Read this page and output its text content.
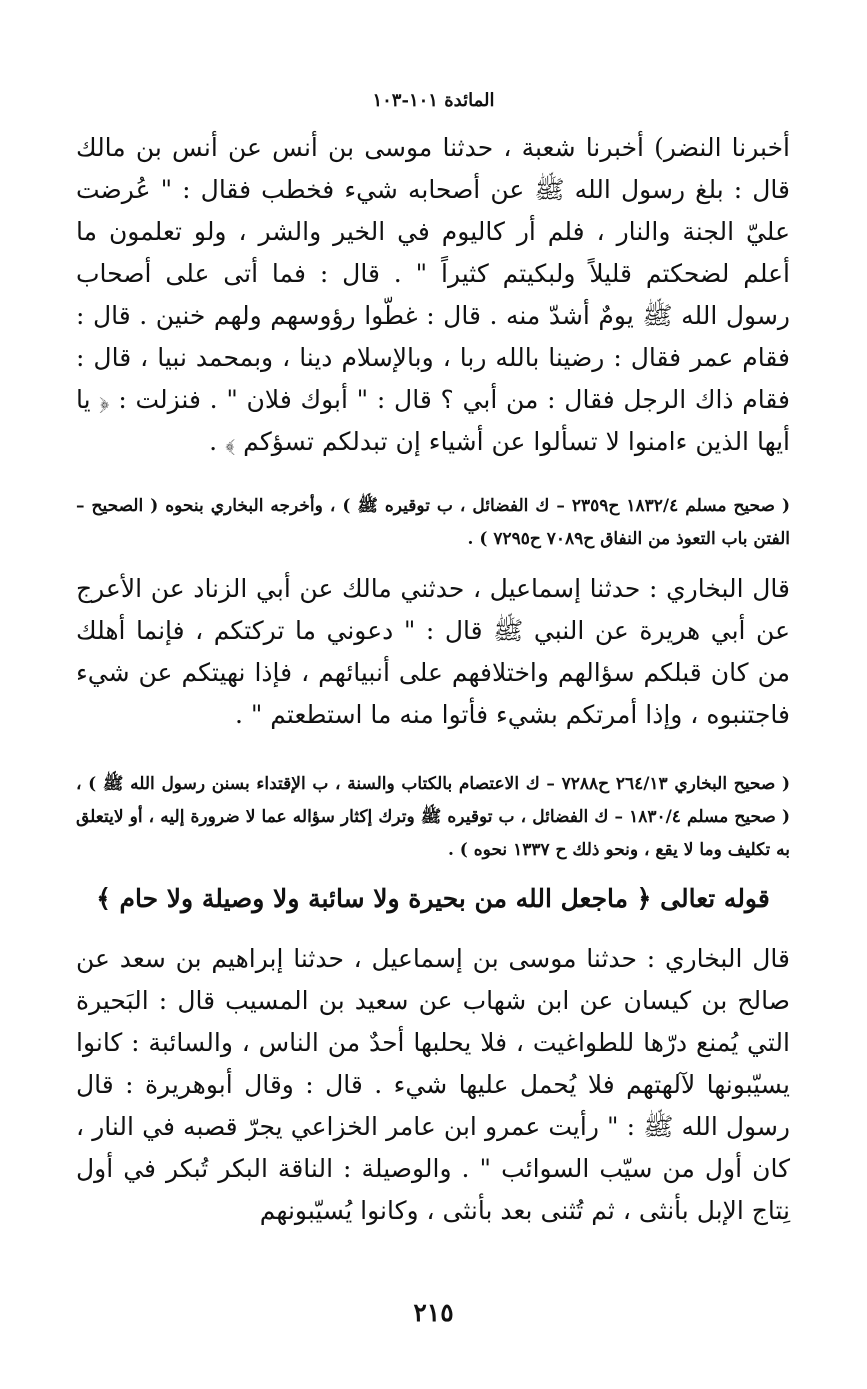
المائدة ١٠١-١٠٣
أخبرنا النضر) أخبرنا شعبة ، حدثنا موسى بن أنس عن أنس بن مالك قال : بلغ رسول الله ﷺ عن أصحابه شيء فخطب فقال : " عُرضت عليّ الجنة والنار ، فلم أر كاليوم في الخير والشر ، ولو تعلمون ما أعلم لضحكتم قليلاً ولبكيتم كثيراً " . قال : فما أتى على أصحاب رسول الله ﷺ يومٌ أشدّ منه . قال : غطّوا رؤوسهم ولهم خنين . قال : فقام عمر فقال : رضينا بالله ربا ، وبالإسلام دينا ، وبمحمد نبيا ، قال : فقام ذاك الرجل فقال : من أبي ؟ قال : " أبوك فلان " . فنزلت : ﴿ يا أيها الذين ءامنوا لا تسألوا عن أشياء إن تبدلكم تسؤكم ﴾ .
( صحيح مسلم ١٨٣٢/٤ ح٢٣٥٩ – ك الفضائل ، ب توقيره ﷺ ) ، وأخرجه البخاري بنحوه ( الصحيح – الفتن باب التعوذ من النفاق ح٧٠٨٩ ح٧٢٩٥ ) .
قال البخاري : حدثنا إسماعيل ، حدثني مالك عن أبي الزناد عن الأعرج عن أبي هريرة عن النبي ﷺ قال : " دعوني ما تركتكم ، فإنما أهلك من كان قبلكم سؤالهم واختلافهم على أنبيائهم ، فإذا نهيتكم عن شيء فاجتنبوه ، وإذا أمرتكم بشيء فأتوا منه ما استطعتم " .
( صحيح البخاري ٢٦٤/١٣ ح٧٢٨٨ – ك الاعتصام بالكتاب والسنة ، ب الإقتداء بسنن رسول الله ﷺ ) ، ( صحيح مسلم ١٨٣٠/٤ – ك الفضائل ، ب توقيره ﷺ وترك إكثار سؤاله عما لا ضرورة إليه ، أو لايتعلق به تكليف وما لا يقع ، ونحو ذلك ح ١٣٣٧ نحوه ) .
قوله تعالى ﴿ ماجعل الله من بحيرة ولا سائبة ولا وصيلة ولا حام ﴾
قال البخاري : حدثنا موسى بن إسماعيل ، حدثنا إبراهيم بن سعد عن صالح بن كيسان عن ابن شهاب عن سعيد بن المسيب قال : البَحيرة التي يُمنع درّها للطواغيت ، فلا يحلبها أحدٌ من الناس ، والسائبة : كانوا يسيّبونها لآلهتهم فلا يُحمل عليها شيء . قال : وقال أبوهريرة : قال رسول الله ﷺ : " رأيت عمرو ابن عامر الخزاعي يجرّ قصبه في النار ، كان أول من سيّب السوائب " . والوصيلة : الناقة البكر تُبكر في أول نِتاج الإبل بأنثى ، ثم تُثنى بعد بأنثى ، وكانوا يُسيّبونهم
٢١٥
